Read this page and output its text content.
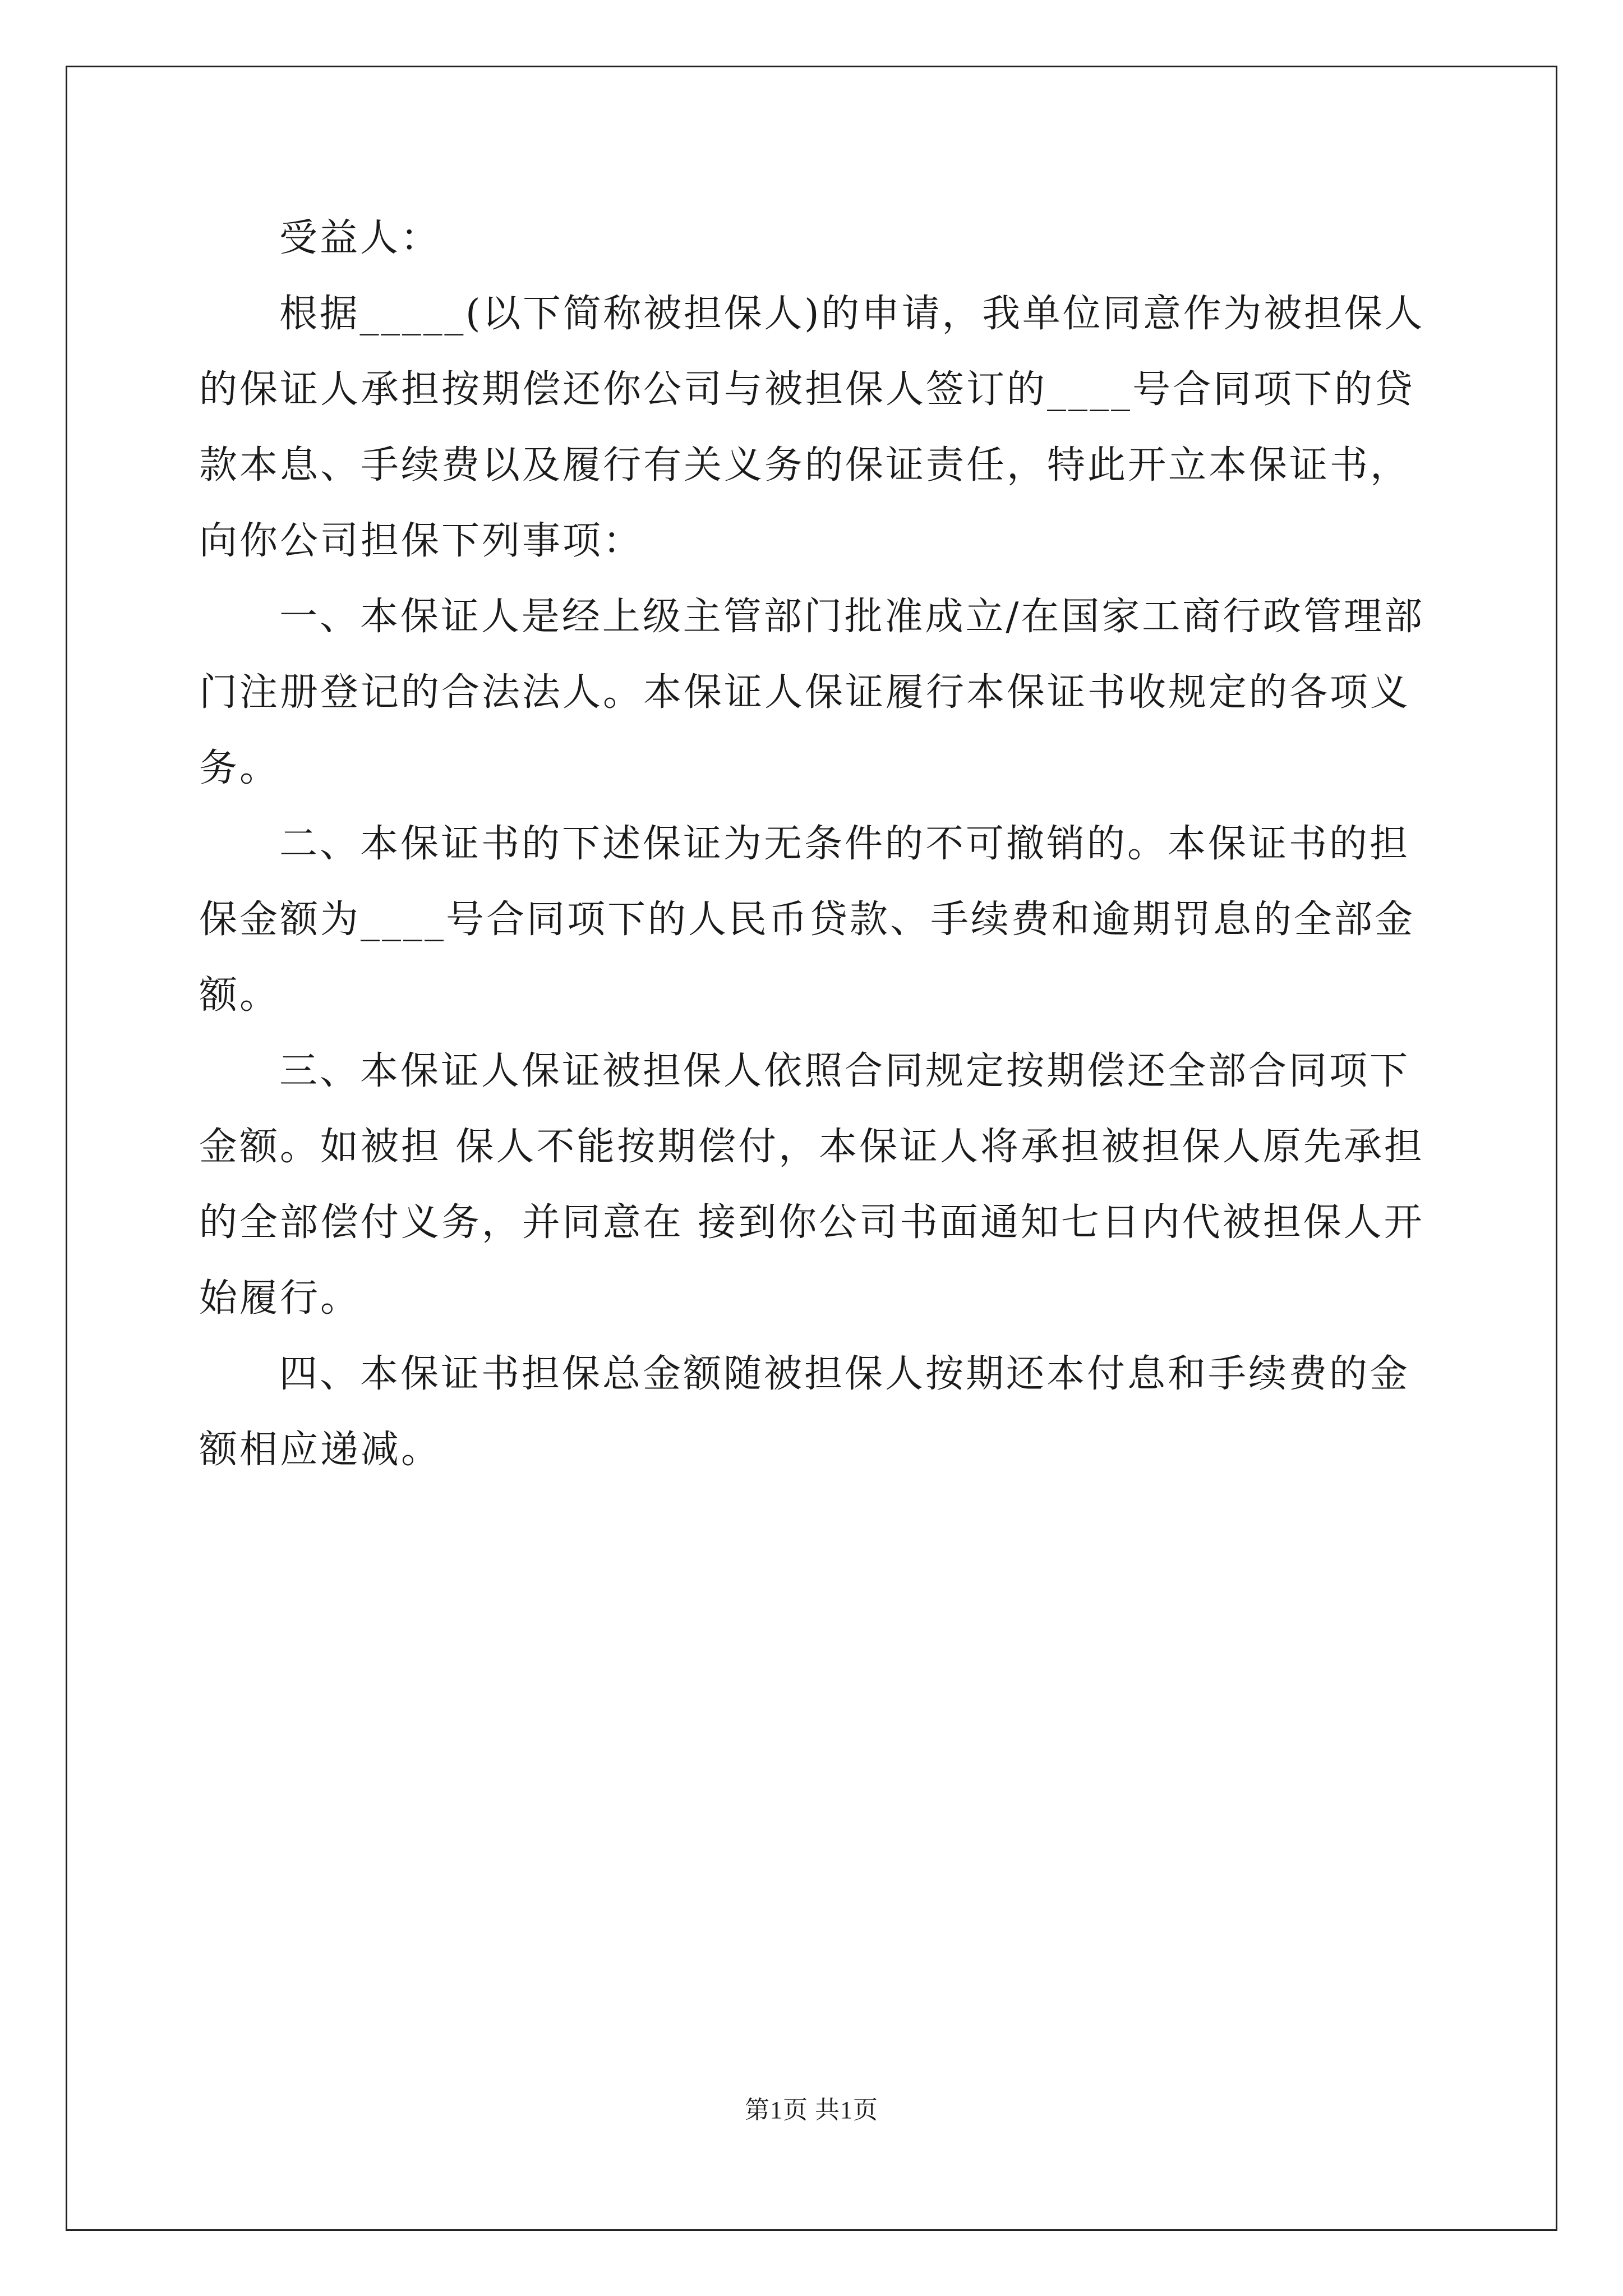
受益人：
根据_____(以下简称被担保人)的申请，我单位同意作为被担保人
的保证人承担按期偿还你公司与被担保人签订的____号合同项下的贷
款本息、手续费以及履行有关义务的保证责任，特此开立本保证书，
向你公司担保下列事项：
一、本保证人是经上级主管部门批准成立/在国家工商行政管理部
门注册登记的合法法人。本保证人保证履行本保证书收规定的各项义
务。
二、本保证书的下述保证为无条件的不可撤销的。本保证书的担
保金额为____号合同项下的人民币贷款、手续费和逾期罚息的全部金
额。
三、本保证人保证被担保人依照合同规定按期偿还全部合同项下
金额。如被担 保人不能按期偿付，本保证人将承担被担保人原先承担
的全部偿付义务，并同意在 接到你公司书面通知七日内代被担保人开
始履行。
四、本保证书担保总金额随被担保人按期还本付息和手续费的金
额相应递减。
第1页 共1页
